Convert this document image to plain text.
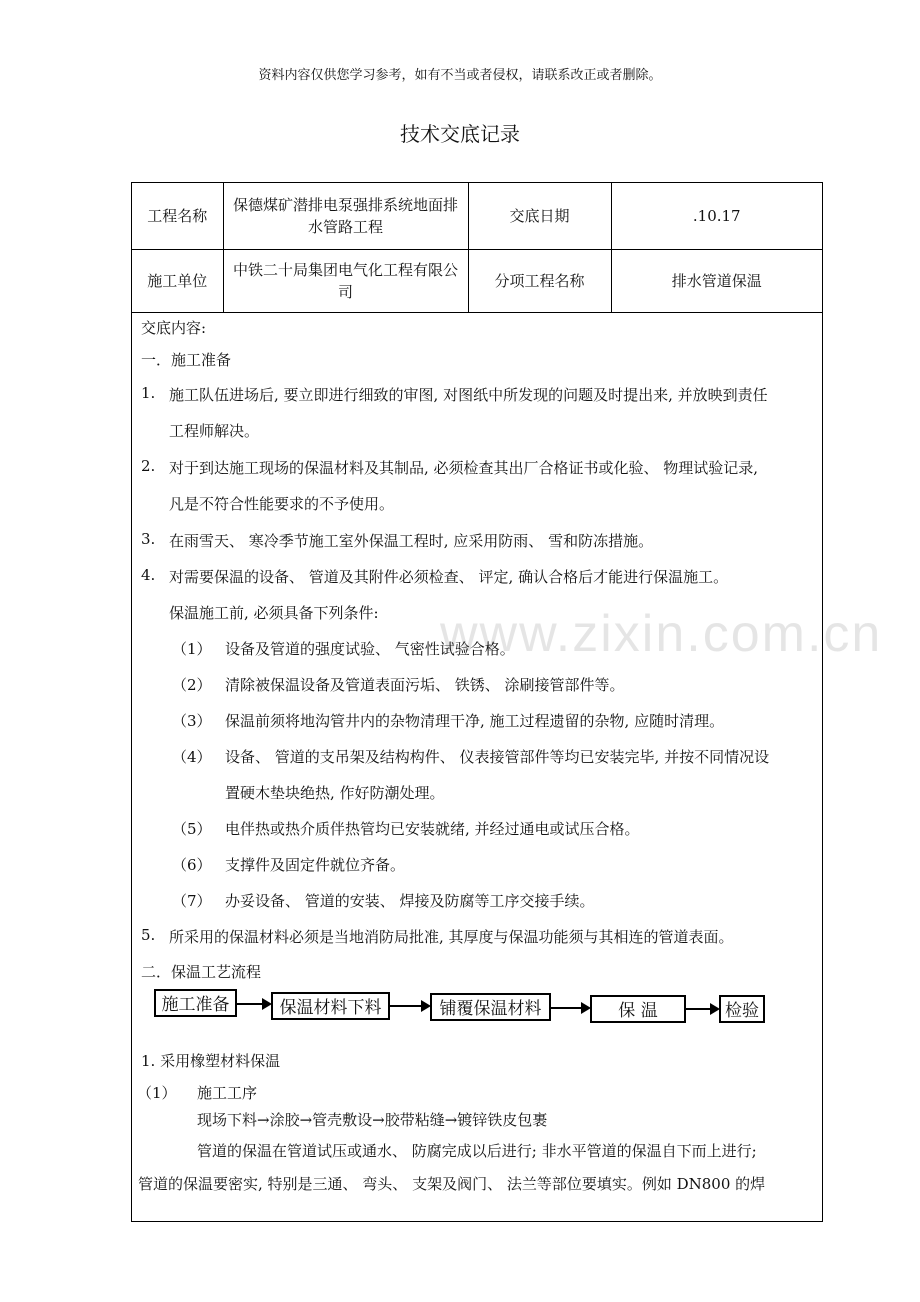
资料内容仅供您学习参考，如有不当或者侵权，请联系改正或者删除。
技术交底记录
工程名称	保德煤矿潜排电泵强排系统地面排水管路工程	交底日期	.10.17
施工单位	中铁二十局集团电气化工程有限公司	分项工程名称	排水管道保温
交底内容:
一．施工准备
1. 施工队伍进场后, 要立即进行细致的审图, 对图纸中所发现的问题及时提出来, 并放映到责任
工程师解决。
2. 对于到达施工现场的保温材料及其制品, 必须检查其出厂合格证书或化验、 物理试验记录,
凡是不符合性能要求的不予使用。
3. 在雨雪天、 寒冷季节施工室外保温工程时, 应采用防雨、 雪和防冻措施。
4. 对需要保温的设备、 管道及其附件必须检查、 评定, 确认合格后才能进行保温施工。
保温施工前, 必须具备下列条件:
（1） 设备及管道的强度试验、 气密性试验合格。
（2） 清除被保温设备及管道表面污垢、 铁锈、 涂刷接管部件等。
（3） 保温前须将地沟管井内的杂物清理干净, 施工过程遗留的杂物, 应随时清理。
（4） 设备、 管道的支吊架及结构构件、 仪表接管部件等均已安装完毕, 并按不同情况设
置硬木垫块绝热, 作好防潮处理。
（5） 电伴热或热介质伴热管均已安装就绪, 并经过通电或试压合格。
（6） 支撑件及固定件就位齐备。
（7） 办妥设备、 管道的安装、 焊接及防腐等工序交接手续。
5. 所采用的保温材料必须是当地消防局批准, 其厚度与保温功能须与其相连的管道表面。
二．保温工艺流程
施工准备	保温材料下料	铺覆保温材料	保 温	检验
1. 采用橡塑材料保温
（1） 施工工序
现场下料→涂胶→管壳敷设→胶带粘缝→镀锌铁皮包裹
管道的保温在管道试压或通水、 防腐完成以后进行; 非水平管道的保温自下而上进行;
管道的保温要密实, 特别是三通、 弯头、 支架及阀门、 法兰等部位要填实。例如 DN800 的焊
www.zixin.com.cn
